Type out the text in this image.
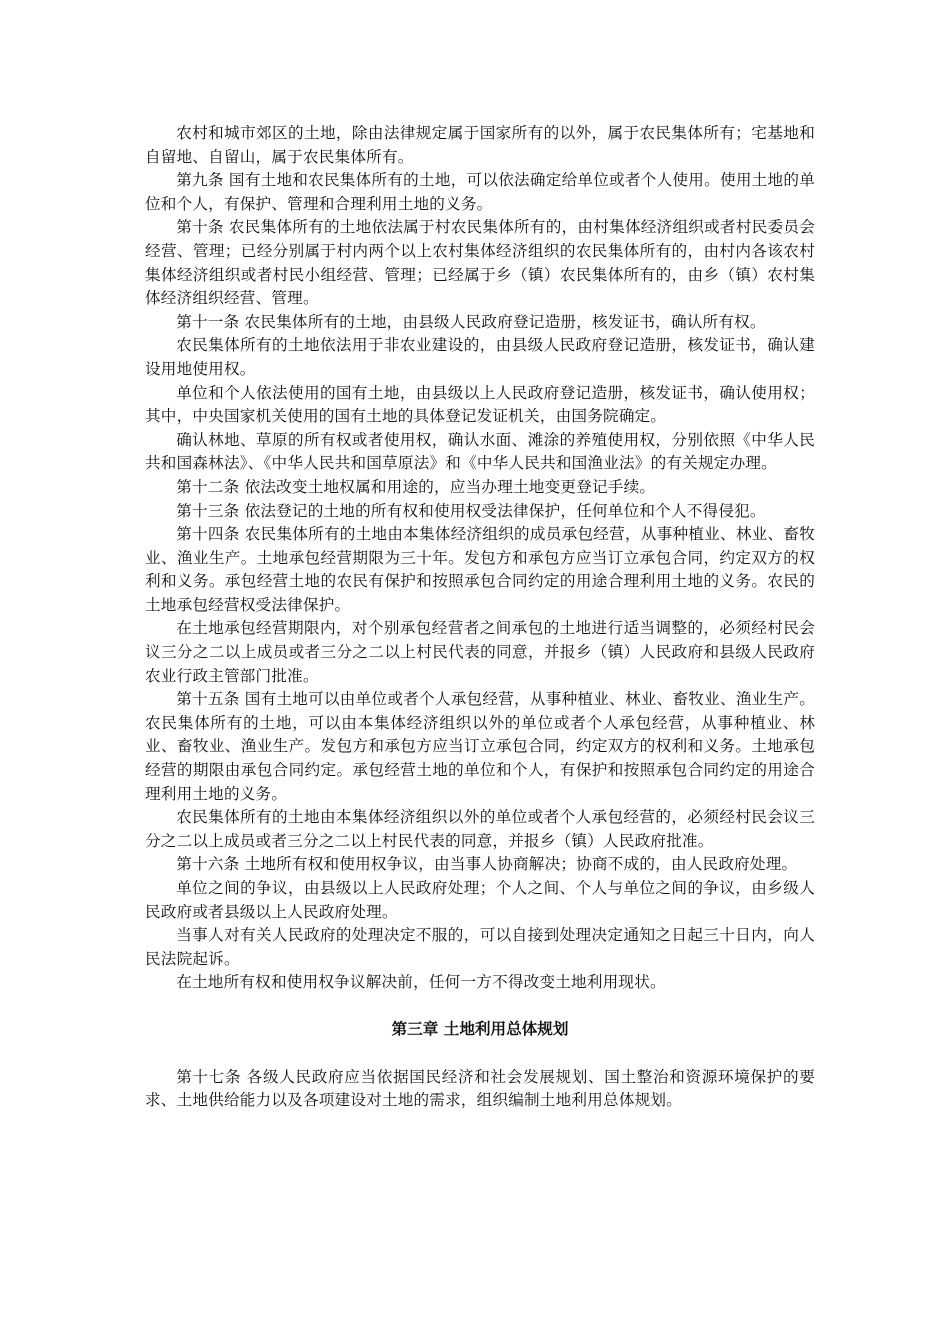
农村和城市郊区的土地，除由法律规定属于国家所有的以外，属于农民集体所有；宅基地和自留地、自留山，属于农民集体所有。

第九条 国有土地和农民集体所有的土地，可以依法确定给单位或者个人使用。使用土地的单位和个人，有保护、管理和合理利用土地的义务。

第十条 农民集体所有的土地依法属于村农民集体所有的，由村集体经济组织或者村民委员会经营、管理；已经分别属于村内两个以上农村集体经济组织的农民集体所有的，由村内各该农村集体经济组织或者村民小组经营、管理；已经属于乡（镇）农民集体所有的，由乡（镇）农村集体经济组织经营、管理。

第十一条 农民集体所有的土地，由县级人民政府登记造册，核发证书，确认所有权。

农民集体所有的土地依法用于非农业建设的，由县级人民政府登记造册，核发证书，确认建设用地使用权。

单位和个人依法使用的国有土地，由县级以上人民政府登记造册，核发证书，确认使用权；其中，中央国家机关使用的国有土地的具体登记发证机关，由国务院确定。

确认林地、草原的所有权或者使用权，确认水面、滩涂的养殖使用权，分别依照《中华人民共和国森林法》、《中华人民共和国草原法》和《中华人民共和国渔业法》的有关规定办理。

第十二条 依法改变土地权属和用途的，应当办理土地变更登记手续。

第十三条 依法登记的土地的所有权和使用权受法律保护，任何单位和个人不得侵犯。

第十四条 农民集体所有的土地由本集体经济组织的成员承包经营，从事种植业、林业、畜牧业、渔业生产。土地承包经营期限为三十年。发包方和承包方应当订立承包合同，约定双方的权利和义务。承包经营土地的农民有保护和按照承包合同约定的用途合理利用土地的义务。农民的土地承包经营权受法律保护。

在土地承包经营期限内，对个别承包经营者之间承包的土地进行适当调整的，必须经村民会议三分之二以上成员或者三分之二以上村民代表的同意，并报乡（镇）人民政府和县级人民政府农业行政主管部门批准。

第十五条 国有土地可以由单位或者个人承包经营，从事种植业、林业、畜牧业、渔业生产。农民集体所有的土地，可以由本集体经济组织以外的单位或者个人承包经营，从事种植业、林业、畜牧业、渔业生产。发包方和承包方应当订立承包合同，约定双方的权利和义务。土地承包经营的期限由承包合同约定。承包经营土地的单位和个人，有保护和按照承包合同约定的用途合理利用土地的义务。

农民集体所有的土地由本集体经济组织以外的单位或者个人承包经营的，必须经村民会议三分之二以上成员或者三分之二以上村民代表的同意，并报乡（镇）人民政府批准。

第十六条 土地所有权和使用权争议，由当事人协商解决；协商不成的，由人民政府处理。

单位之间的争议，由县级以上人民政府处理；个人之间、个人与单位之间的争议，由乡级人民政府或者县级以上人民政府处理。

当事人对有关人民政府的处理决定不服的，可以自接到处理决定通知之日起三十日内，向人民法院起诉。

在土地所有权和使用权争议解决前，任何一方不得改变土地利用现状。

第三章 土地利用总体规划

第十七条 各级人民政府应当依据国民经济和社会发展规划、国土整治和资源环境保护的要求、土地供给能力以及各项建设对土地的需求，组织编制土地利用总体规划。
